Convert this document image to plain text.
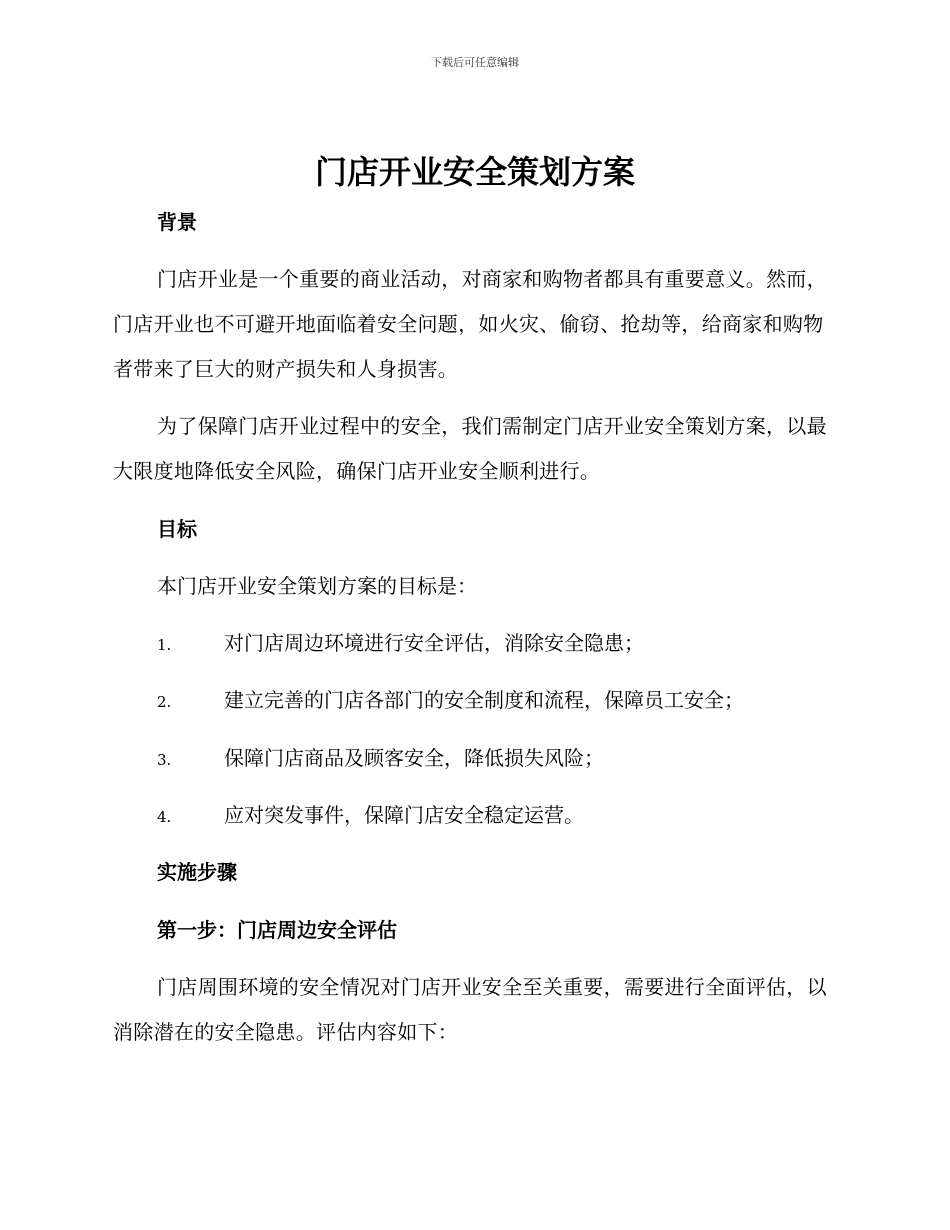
下载后可任意编辑
门店开业安全策划方案
背景
门店开业是一个重要的商业活动，对商家和购物者都具有重要意义。然而，门店开业也不可避开地面临着安全问题，如火灾、偷窃、抢劫等，给商家和购物者带来了巨大的财产损失和人身损害。
为了保障门店开业过程中的安全，我们需制定门店开业安全策划方案，以最大限度地降低安全风险，确保门店开业安全顺利进行。
目标
本门店开业安全策划方案的目标是：
1.	对门店周边环境进行安全评估，消除安全隐患；
2.	建立完善的门店各部门的安全制度和流程，保障员工安全；
3.	保障门店商品及顾客安全，降低损失风险；
4.	应对突发事件，保障门店安全稳定运营。
实施步骤
第一步：门店周边安全评估
门店周围环境的安全情况对门店开业安全至关重要，需要进行全面评估，以消除潜在的安全隐患。评估内容如下：
